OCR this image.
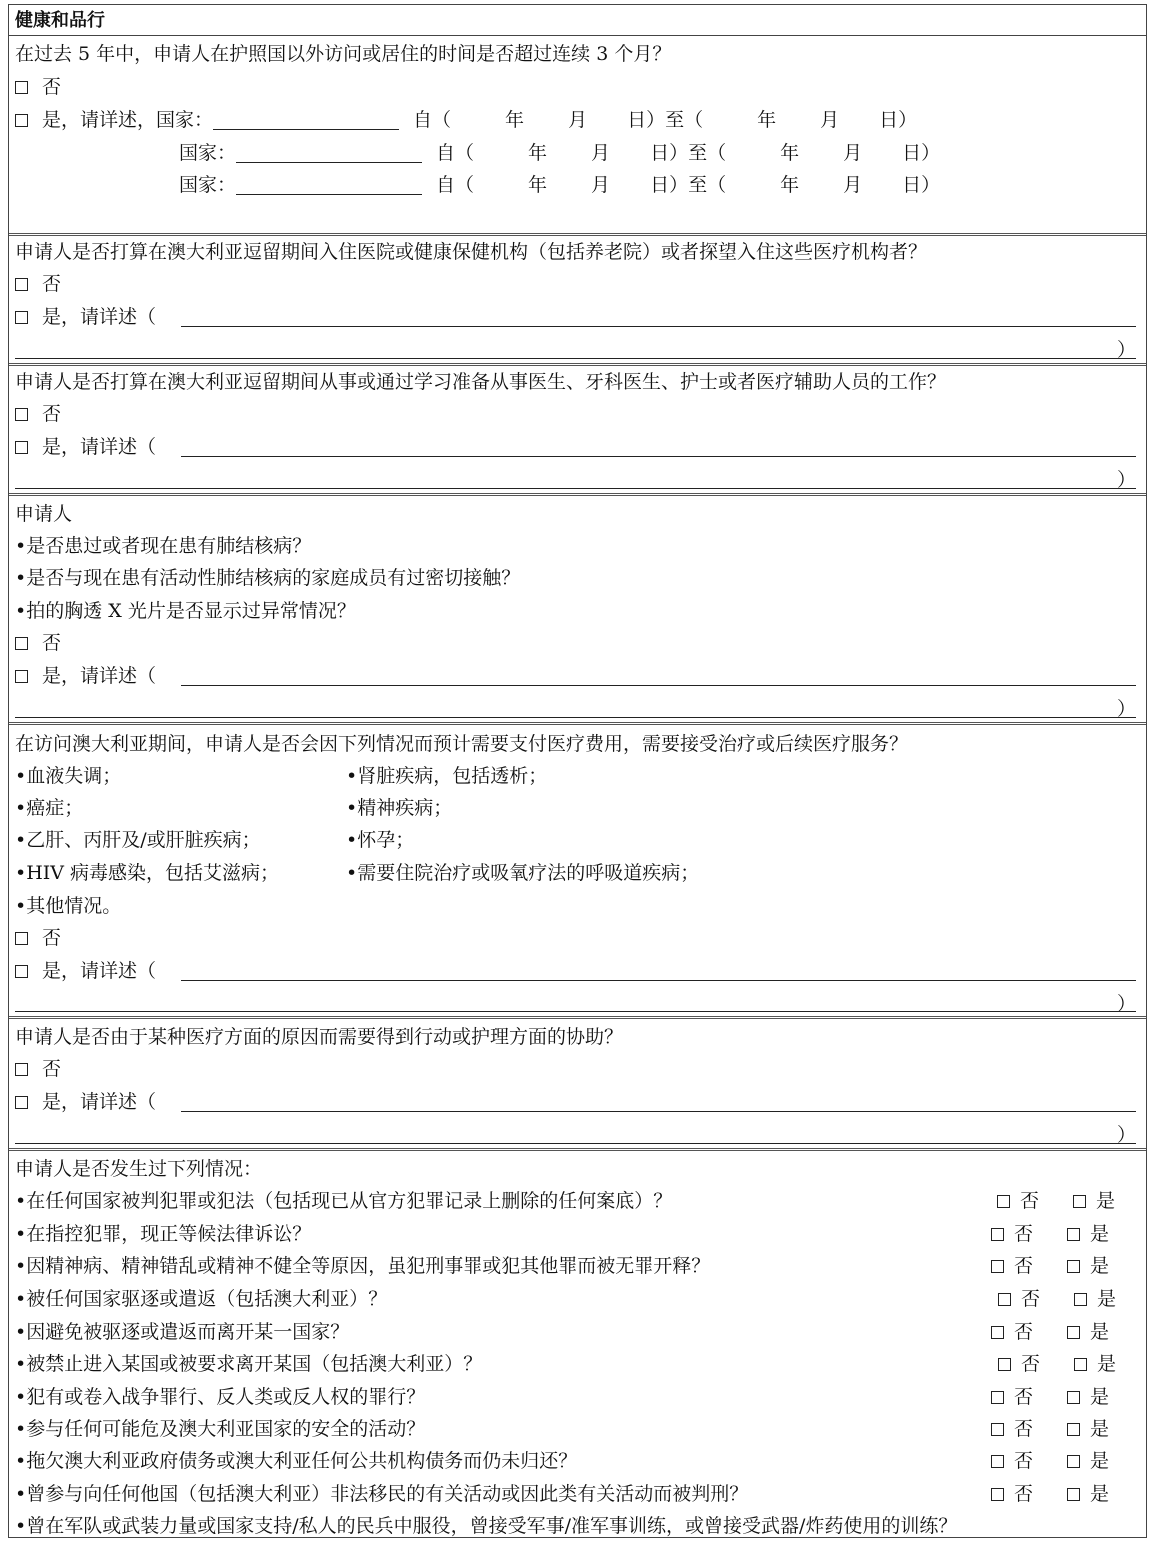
健康和品行
在过去 5 年中，申请人在护照国以外访问或居住的时间是否超过连续 3 个月？
否
是，请详述，国家：	自（	年 月 日）至（	年 月 日）
国家：	自（	年 月 日）至（	年 月 日）
国家：	自（	年 月 日）至（	年 月 日）
申请人是否打算在澳大利亚逗留期间入住医院或健康保健机构（包括养老院）或者探望入住这些医疗机构者？
否
是，请详述（
）
申请人是否打算在澳大利亚逗留期间从事或通过学习准备从事医生、牙科医生、护士或者医疗辅助人员的工作？
否
是，请详述（
）
申请人
•是否患过或者现在患有肺结核病？
•是否与现在患有活动性肺结核病的家庭成员有过密切接触？
•拍的胸透 X 光片是否显示过异常情况？
否
是，请详述（
）
在访问澳大利亚期间，申请人是否会因下列情况而预计需要支付医疗费用，需要接受治疗或后续医疗服务？
•血液失调；
•癌症；
•乙肝、丙肝及/或肝脏疾病；
•HIV 病毒感染，包括艾滋病；
•其他情况。
•肾脏疾病，包括透析；
•精神疾病；
•怀孕；
•需要住院治疗或吸氧疗法的呼吸道疾病；
否
是，请详述（
）
申请人是否由于某种医疗方面的原因而需要得到行动或护理方面的协助？
否
是，请详述（
）
申请人是否发生过下列情况：
•在任何国家被判犯罪或犯法（包括现已从官方犯罪记录上删除的任何案底）？	否	是
•在指控犯罪，现正等候法律诉讼？	否	是
•因精神病、精神错乱或精神不健全等原因，虽犯刑事罪或犯其他罪而被无罪开释？	否	是
•被任何国家驱逐或遣返（包括澳大利亚）？	否	是
•因避免被驱逐或遣返而离开某一国家？	否	是
•被禁止进入某国或被要求离开某国（包括澳大利亚）？	否	是
•犯有或卷入战争罪行、反人类或反人权的罪行？	否	是
•参与任何可能危及澳大利亚国家的安全的活动？	否	是
•拖欠澳大利亚政府债务或澳大利亚任何公共机构债务而仍未归还？	否	是
•曾参与向任何他国（包括澳大利亚）非法移民的有关活动或因此类有关活动而被判刑？	否	是
•曾在军队或武装力量或国家支持/私人的民兵中服役，曾接受军事/准军事训练，或曾接受武器/炸药使用的训练？
